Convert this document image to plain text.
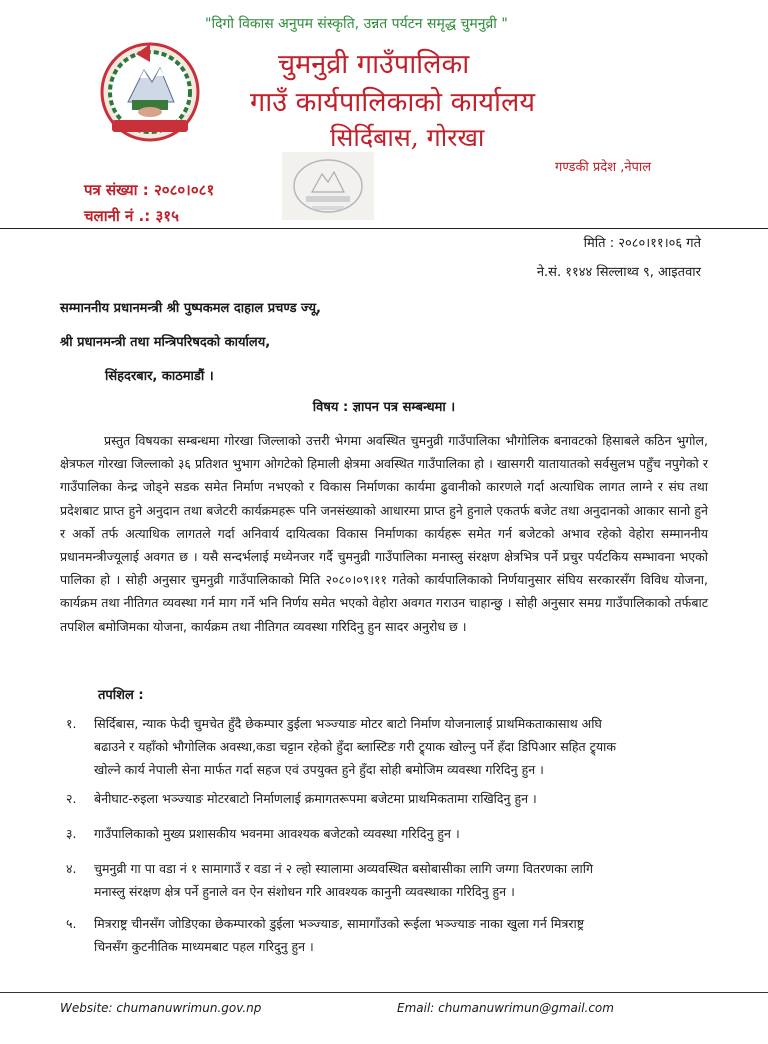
"दिगो विकास अनुपम संस्कृति, उन्नत पर्यटन समृद्ध चुमनुव्री "
चुमनुव्री गाउँपालिका
गाउँ कार्यपालिकाको कार्यालय
सिर्दिबास, गोरखा
गण्डकी प्रदेश ,नेपाल
पत्र संख्या : २०८०।०८१
चलानी नं .: ३१५
मिति : २०८०।११।०६ गते
ने.सं. ११४४ सिल्लाथ्व ९, आइतवार
सम्माननीय प्रधानमन्त्री श्री पुष्पकमल दाहाल प्रचण्ड ज्यू,
श्री प्रधानमन्त्री तथा मन्त्रिपरिषदको कार्यालय,
सिंहदरबार, काठमाडौं ।
विषय : ज्ञापन पत्र सम्बन्धमा ।
प्रस्तुत विषयका सम्बन्धमा गोरखा जिल्लाको उत्तरी भेगमा अवस्थित चुमनुव्री गाउँपालिका भौगोलिक बनावटको हिसाबले कठिन भुगोल, क्षेत्रफल गोरखा जिल्लाको ३६ प्रतिशत भुभाग ओगटेको हिमाली क्षेत्रमा अवस्थित गाउँपालिका हो । खासगरी यातायातको सर्वसुलभ पहुँच नपुगेको र गाउँपालिका केन्द्र जोड्ने सडक समेत निर्माण नभएको र विकास निर्माणका कार्यमा ढुवानीको कारणले गर्दा अत्याधिक लागत लाग्ने र संघ तथा प्रदेशबाट प्राप्त हुने अनुदान तथा बजेटरी कार्यक्रमहरू पनि जनसंख्याको आधारमा प्राप्त हुने हुनाले एकतर्फ बजेट तथा अनुदानको आकार सानो हुने र अर्को तर्फ अत्याधिक लागतले गर्दा अनिवार्य दायित्वका विकास निर्माणका कार्यहरू समेत गर्न बजेटको अभाव रहेको वेहोरा सम्माननीय प्रधानमन्त्रीज्यूलाई अवगत छ । यसै सन्दर्भलाई मध्येनजर गर्दै चुमनुव्री गाउँपालिका मनास्लु संरक्षण क्षेत्रभित्र पर्ने प्रचुर पर्यटकिय सम्भावना भएको पालिका हो । सोही अनुसार चुमनुव्री गाउँपालिकाको मिति २०८०।०९।११ गतेको कार्यपालिकाको निर्णयानुसार संघिय सरकारसँग विविध योजना, कार्यक्रम तथा नीतिगत व्यवस्था गर्न माग गर्ने भनि निर्णय समेत भएको वेहोरा अवगत गराउन चाहान्छु । सोही अनुसार समग्र गाउँपालिकाको तर्फबाट तपशिल बमोजिमका योजना, कार्यक्रम तथा नीतिगत व्यवस्था गरिदिनु हुन सादर अनुरोध छ ।
तपशिल :
१. सिर्दिबास, न्याक फेदी चुमचेत हुँदै छेकम्पार डुईला भञ्ज्याङ मोटर बाटो निर्माण योजनालाई प्राथमिकताकासाथ अघि
बढाउने र यहाँको भौगोलिक अवस्था,कडा चट्टान रहेको हुँदा ब्लास्टिङ गरी ट्र्याक खोल्नु पर्ने हँदा डिपिआर सहित ट्र्याक
खोल्ने कार्य नेपाली सेना मार्फत गर्दा सहज एवं उपयुक्त हुने हुँदा सोही बमोजिम व्यवस्था गरिदिनु हुन ।
२. बेनीघाट-रुइला भञ्ज्याङ मोटरबाटो निर्माणलाई क्रमागतरूपमा बजेटमा प्राथमिकतामा राखिदिनु हुन ।
३. गाउँपालिकाको मुख्य प्रशासकीय भवनमा आवश्यक बजेटको व्यवस्था गरिदिनु हुन ।
४. चुमनुव्री गा पा वडा नं १ सामागाउँ र वडा नं २ ल्हो स्यालामा अव्यवस्थित बसोबासीका लागि जग्गा वितरणका लागि
मनास्लु संरक्षण क्षेत्र पर्ने हुनाले वन ऐन संशोधन गरि आवश्यक कानुनी व्यवस्थाका गरिदिनु हुन ।
५. मित्रराष्ट्र चीनसँग जोडिएका छेकम्पारको डुईला भञ्ज्याङ, सामागाँउको रूईला भञ्ज्याङ नाका खुला गर्न मित्रराष्ट्र
चिनसँग कुटनीतिक माध्यमबाट पहल गरिदुनु हुन ।
Website: chumanuwrimun.gov.np	Email: chumanuwrimun@gmail.com
